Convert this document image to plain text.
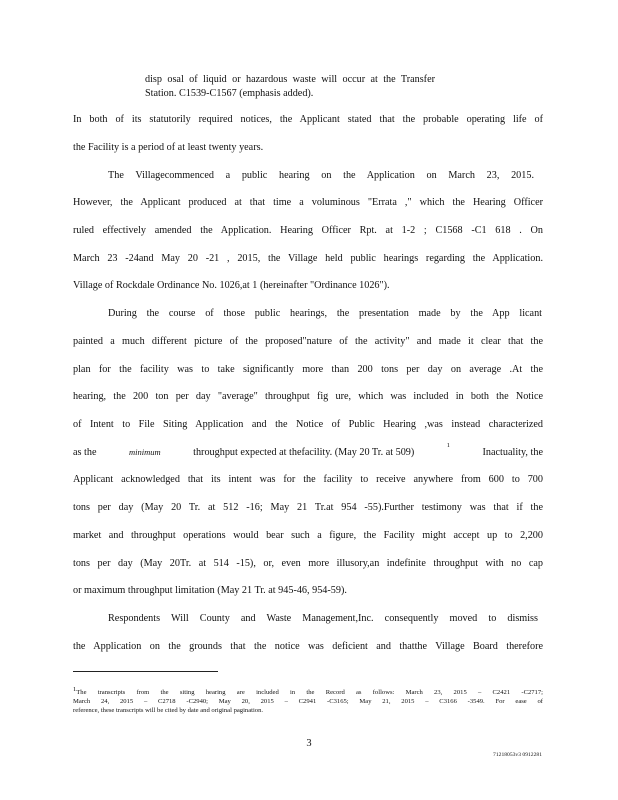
disp osal of liquid or hazardous waste will occur at the Transfer
Station. C1539-C1567 (emphasis added).
In both of its statutorily required notices, the Applicant stated that the probable operating life of
the Facility is a period of at least twenty years.
The Villagecommenced a public hearing on the Application on March 23, 2015.
However, the Applicant produced at that time a voluminous "Errata ," which the Hearing Officer
ruled effectively amended the Application. Hearing Officer Rpt. at 1-2 ; C1568 -C1 618 . On
March 23 -24and May 20 -21 , 2015, the Village held public hearings regarding the Application.
Village of Rockdale Ordinance No. 1026,at 1 (hereinafter "Ordinance 1026").
During the course of those public hearings, the presentation made by the App licant
painted a much different picture of the proposed"nature of the activity" and made it clear that the
plan for the facility was to take significantly more than 200 tons per day on average .At the
hearing, the 200 ton per day "average" throughput fig ure, which was included in both the Notice
of Intent to File Siting Application and the Notice of Public Hearing ,was instead characterized
as the	minimum	throughput expected at thefacility. (May 20 Tr. at 509)
1
Inactuality, the
Applicant acknowledged that its intent was for the facility to receive anywhere from 600 to 700
tons per day (May 20 Tr. at 512 -16; May 21 Tr.at 954 -55).Further testimony was that if the
market and throughput operations would bear such a figure, the Facility might accept up to 2,200
tons per day (May 20Tr. at 514 -15), or, even more illusory,an indefinite throughput with no cap
or maximum throughput limitation (May 21 Tr. at 945-46, 954-59).
Respondents Will County and Waste Management,Inc. consequently moved to dismiss
the Application on the grounds that the notice was deficient and thatthe Village Board therefore
$^1$The transcripts from the siting hearing are included in the Record as follows: March 23, 2015 – C2421 -C2717;
March 24, 2015 – C2718 -C2940; May 20, 2015 – C2941 -C3165; May 21, 2015 – C3166 -3549. For ease of
reference, these transcripts will be cited by date and original pagination.
3
71218053v3 0912281
